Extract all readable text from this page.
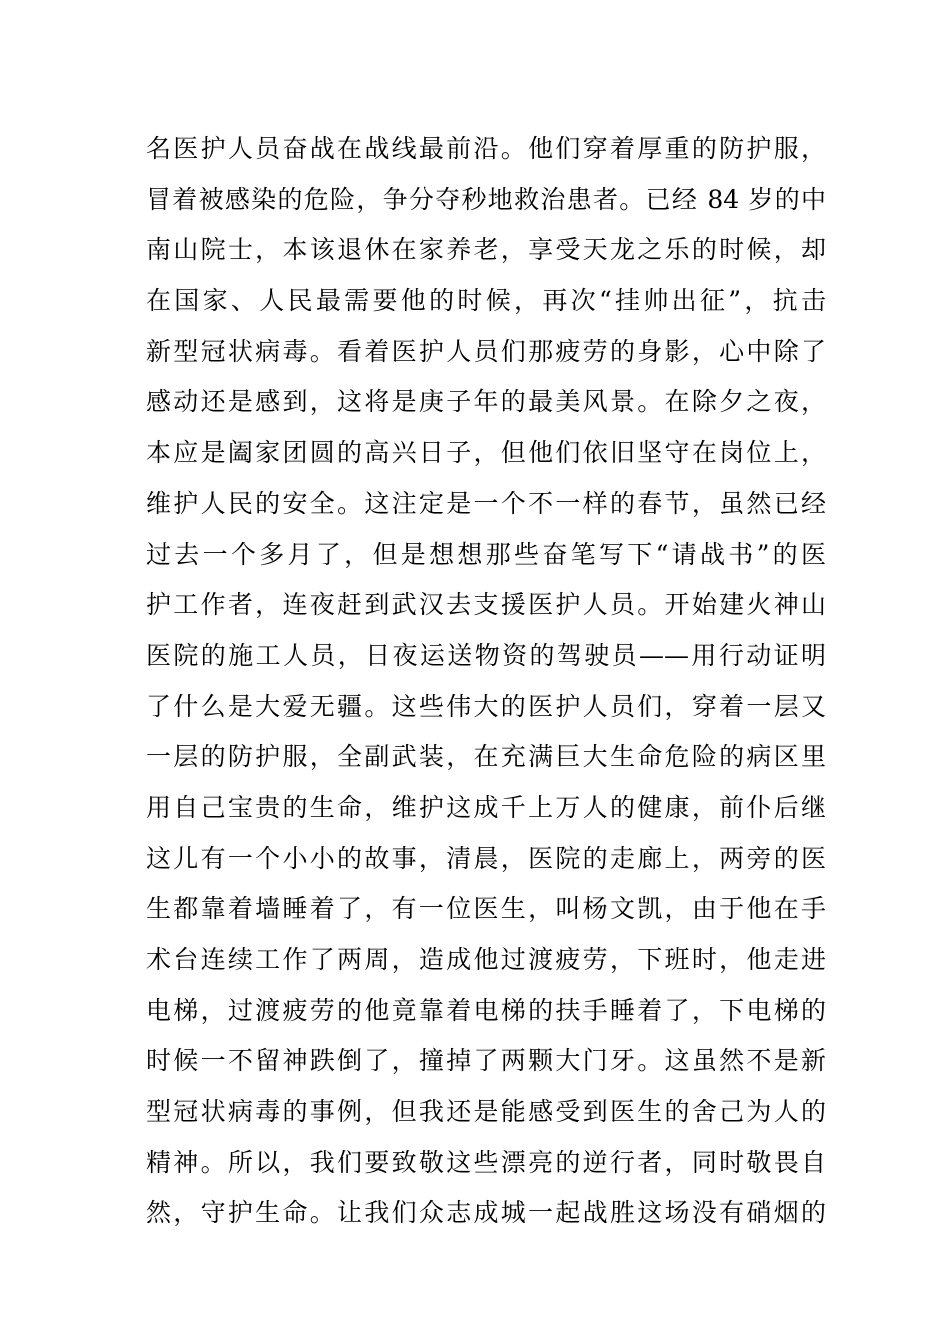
名医护人员奋战在战线最前沿。他们穿着厚重的防护服，
冒着被感染的危险，争分夺秒地救治患者。已经 84 岁的中
南山院士，本该退休在家养老，享受天龙之乐的时候，却
在国家、人民最需要他的时候，再次“挂帅出征”，抗击
新型冠状病毒。看着医护人员们那疲劳的身影，心中除了
感动还是感到，这将是庚子年的最美风景。在除夕之夜，
本应是阖家团圆的高兴日子，但他们依旧坚守在岗位上，
维护人民的安全。这注定是一个不一样的春节，虽然已经
过去一个多月了，但是想想那些奋笔写下“请战书”的医
护工作者，连夜赶到武汉去支援医护人员。开始建火神山
医院的施工人员，日夜运送物资的驾驶员——用行动证明
了什么是大爱无疆。这些伟大的医护人员们，穿着一层又
一层的防护服，全副武装，在充满巨大生命危险的病区里
用自己宝贵的生命，维护这成千上万人的健康，前仆后继
这儿有一个小小的故事，清晨，医院的走廊上，两旁的医
生都靠着墙睡着了，有一位医生，叫杨文凯，由于他在手
术台连续工作了两周，造成他过渡疲劳，下班时，他走进
电梯，过渡疲劳的他竟靠着电梯的扶手睡着了，下电梯的
时候一不留神跌倒了，撞掉了两颗大门牙。这虽然不是新
型冠状病毒的事例，但我还是能感受到医生的舍己为人的
精神。所以，我们要致敬这些漂亮的逆行者，同时敬畏自
然，守护生命。让我们众志成城一起战胜这场没有硝烟的
